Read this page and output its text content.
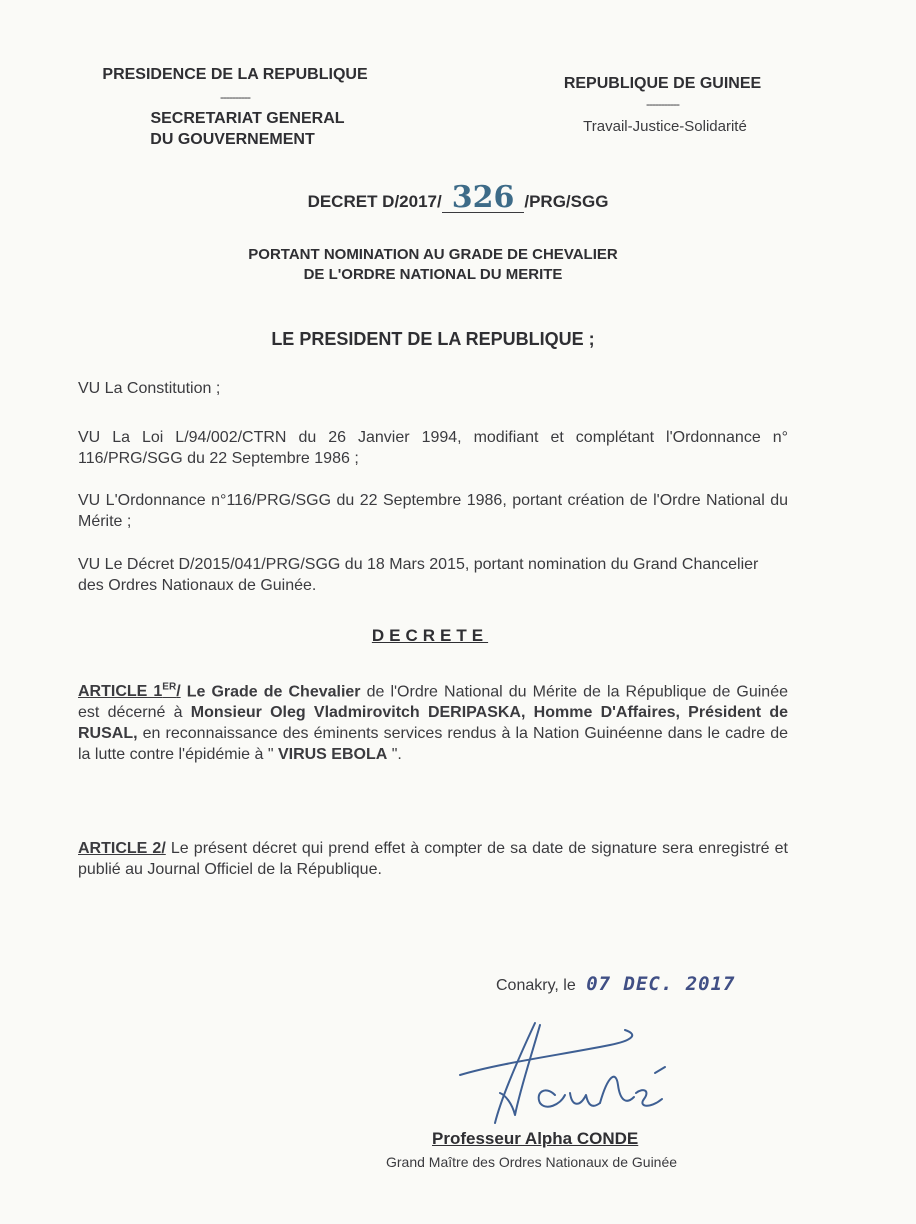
PRESIDENCE DE LA REPUBLIQUE
----------
SECRETARIAT GENERAL
DU GOUVERNEMENT
REPUBLIQUE DE GUINEE
-----------
Travail-Justice-Solidarité
DECRET D/2017/ 326 /PRG/SGG
PORTANT NOMINATION AU GRADE DE CHEVALIER
DE L'ORDRE NATIONAL DU MERITE
LE PRESIDENT DE LA REPUBLIQUE ;
VU La Constitution ;
VU La Loi L/94/002/CTRN du 26 Janvier 1994, modifiant et complétant l'Ordonnance n° 116/PRG/SGG du 22 Septembre 1986 ;
VU L'Ordonnance n°116/PRG/SGG du 22 Septembre 1986, portant création de l'Ordre National du Mérite ;
VU Le Décret D/2015/041/PRG/SGG du 18 Mars 2015, portant nomination du Grand Chancelier des Ordres Nationaux de Guinée.
DECRETE
ARTICLE 1ER/ Le Grade de Chevalier de l'Ordre National du Mérite de la République de Guinée est décerné à Monsieur Oleg Vladmirovitch DERIPASKA, Homme D'Affaires, Président de RUSAL, en reconnaissance des éminents services rendus à la Nation Guinéenne dans le cadre de la lutte contre l'épidémie à " VIRUS EBOLA ".
ARTICLE 2/ Le présent décret qui prend effet à compter de sa date de signature sera enregistré et publié au Journal Officiel de la République.
Conakry, le 07 DEC. 2017
Professeur Alpha CONDE
Grand Maître des Ordres Nationaux de Guinée
